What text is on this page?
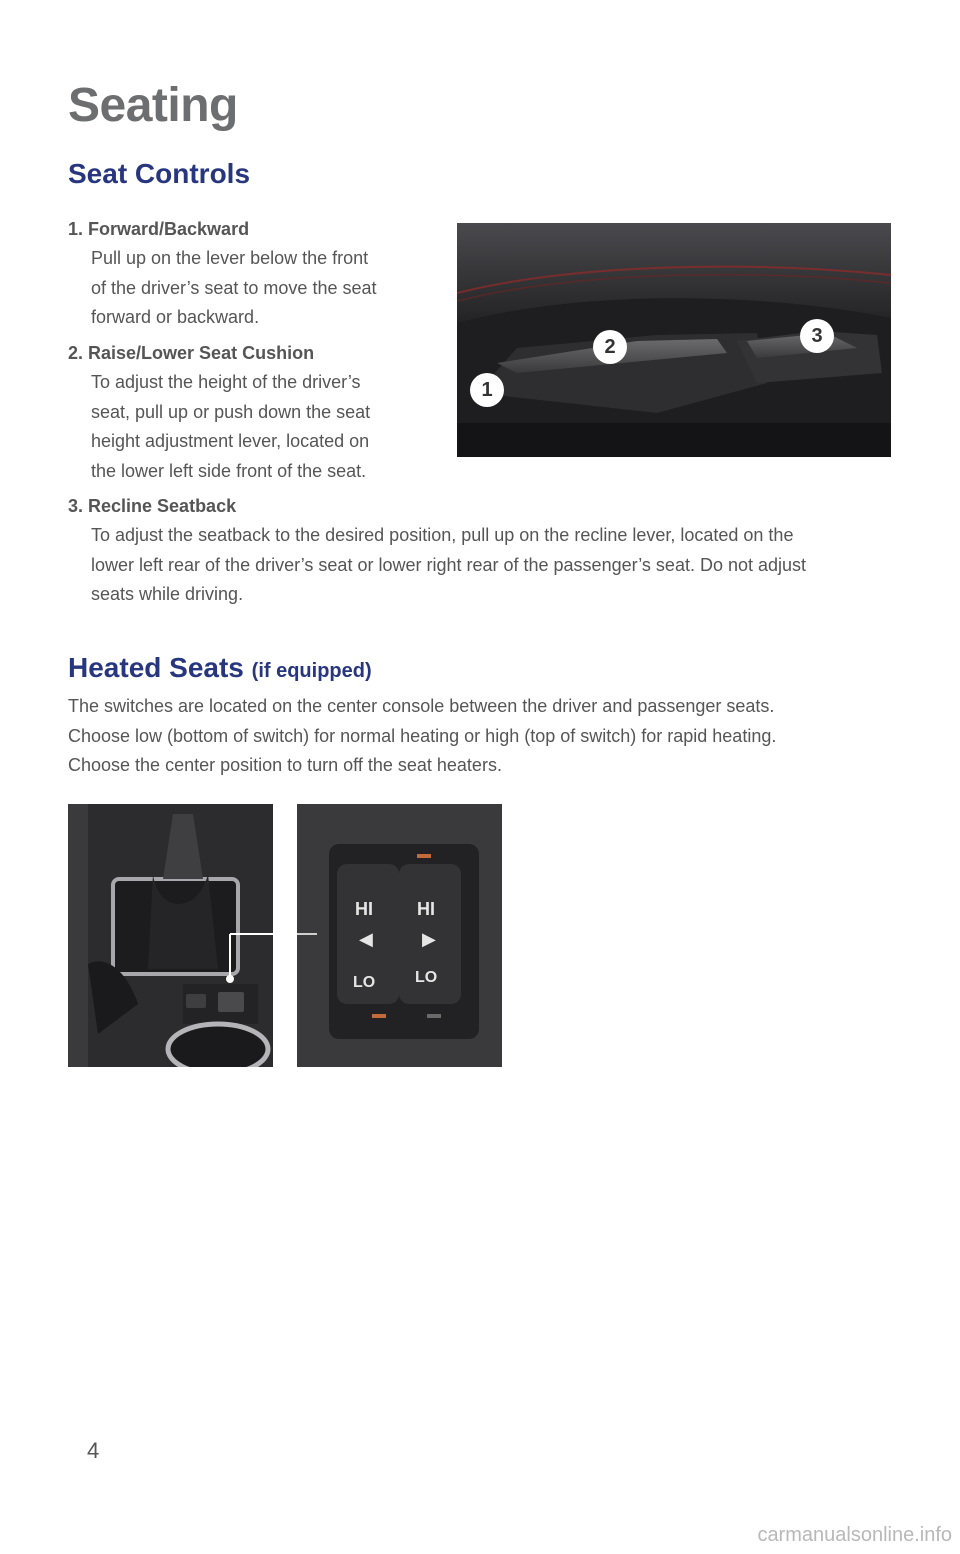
Seating
Seat Controls
1. Forward/Backward
Pull up on the lever below the front
of the driver’s seat to move the seat
forward or backward.
2. Raise/Lower Seat Cushion
To adjust the height of the driver’s
seat, pull up or push down the seat
height adjustment lever, located on
the lower left side front of the seat.
3. Recline Seatback
To adjust the seatback to the desired position, pull up on the recline lever, located on the
lower left rear of the driver’s seat or lower right rear of the passenger’s seat. Do not adjust
seats while driving.
1
2	3
Heated Seats (if equipped)
The switches are located on the center console between the driver and passenger seats.
Choose low (bottom of switch) for normal heating or high (top of switch) for rapid heating.
Choose the center position to turn off the seat heaters.
HI
LO
HI
LO
◀	▶
4
carmanualsonline.info
